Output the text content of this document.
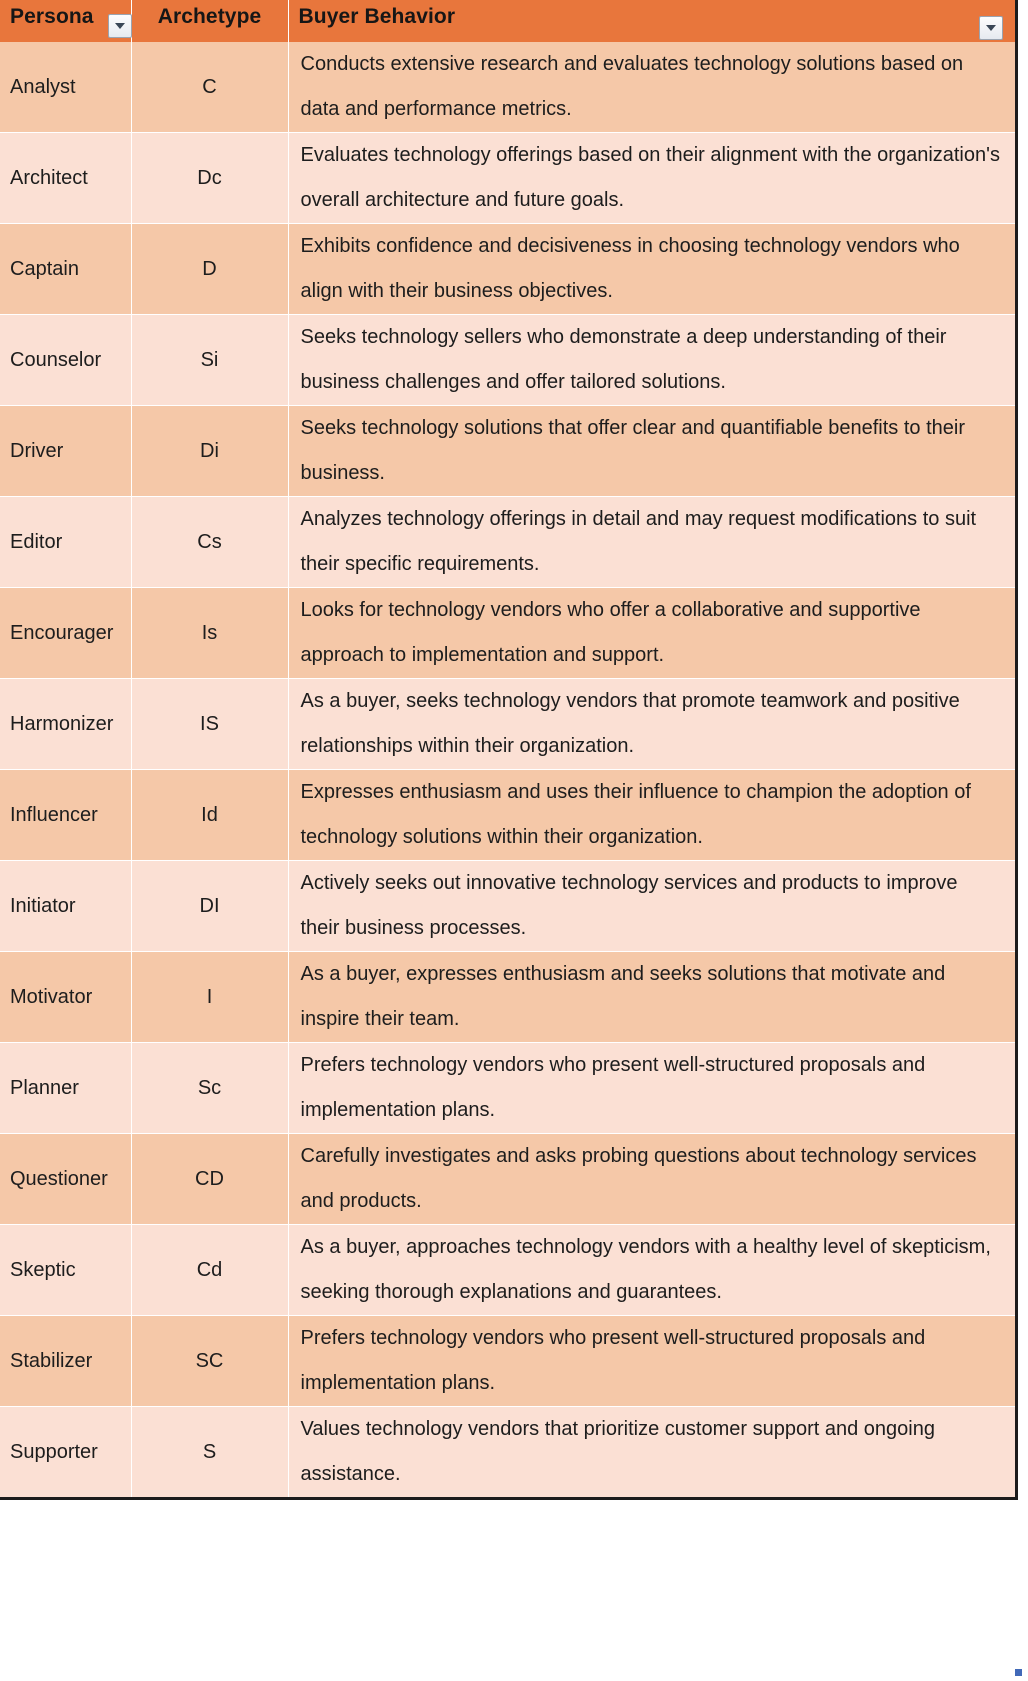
Persona	Archetype	Buyer Behavior

Analyst	C	Conducts extensive research and evaluates technology solutions based on data and performance metrics.

Architect	Dc	Evaluates technology offerings based on their alignment with the organization's overall architecture and future goals.

Captain	D	Exhibits confidence and decisiveness in choosing technology vendors who align with their business objectives.

Counselor	Si	Seeks technology sellers who demonstrate a deep understanding of their business challenges and offer tailored solutions.

Driver	Di	Seeks technology solutions that offer clear and quantifiable benefits to their business.

Editor	Cs	Analyzes technology offerings in detail and may request modifications to suit their specific requirements.

Encourager	Is	Looks for technology vendors who offer a collaborative and supportive approach to implementation and support.

Harmonizer	IS	As a buyer, seeks technology vendors that promote teamwork and positive relationships within their organization.

Influencer	Id	Expresses enthusiasm and uses their influence to champion the adoption of technology solutions within their organization.

Initiator	DI	Actively seeks out innovative technology services and products to improve their business processes.

Motivator	I	As a buyer, expresses enthusiasm and seeks solutions that motivate and inspire their team.

Planner	Sc	Prefers technology vendors who present well-structured proposals and implementation plans.

Questioner	CD	Carefully investigates and asks probing questions about technology services and products.

Skeptic	Cd	As a buyer, approaches technology vendors with a healthy level of skepticism, seeking thorough explanations and guarantees.

Stabilizer	SC	Prefers technology vendors who present well-structured proposals and implementation plans.

Supporter	S	Values technology vendors that prioritize customer support and ongoing assistance.
